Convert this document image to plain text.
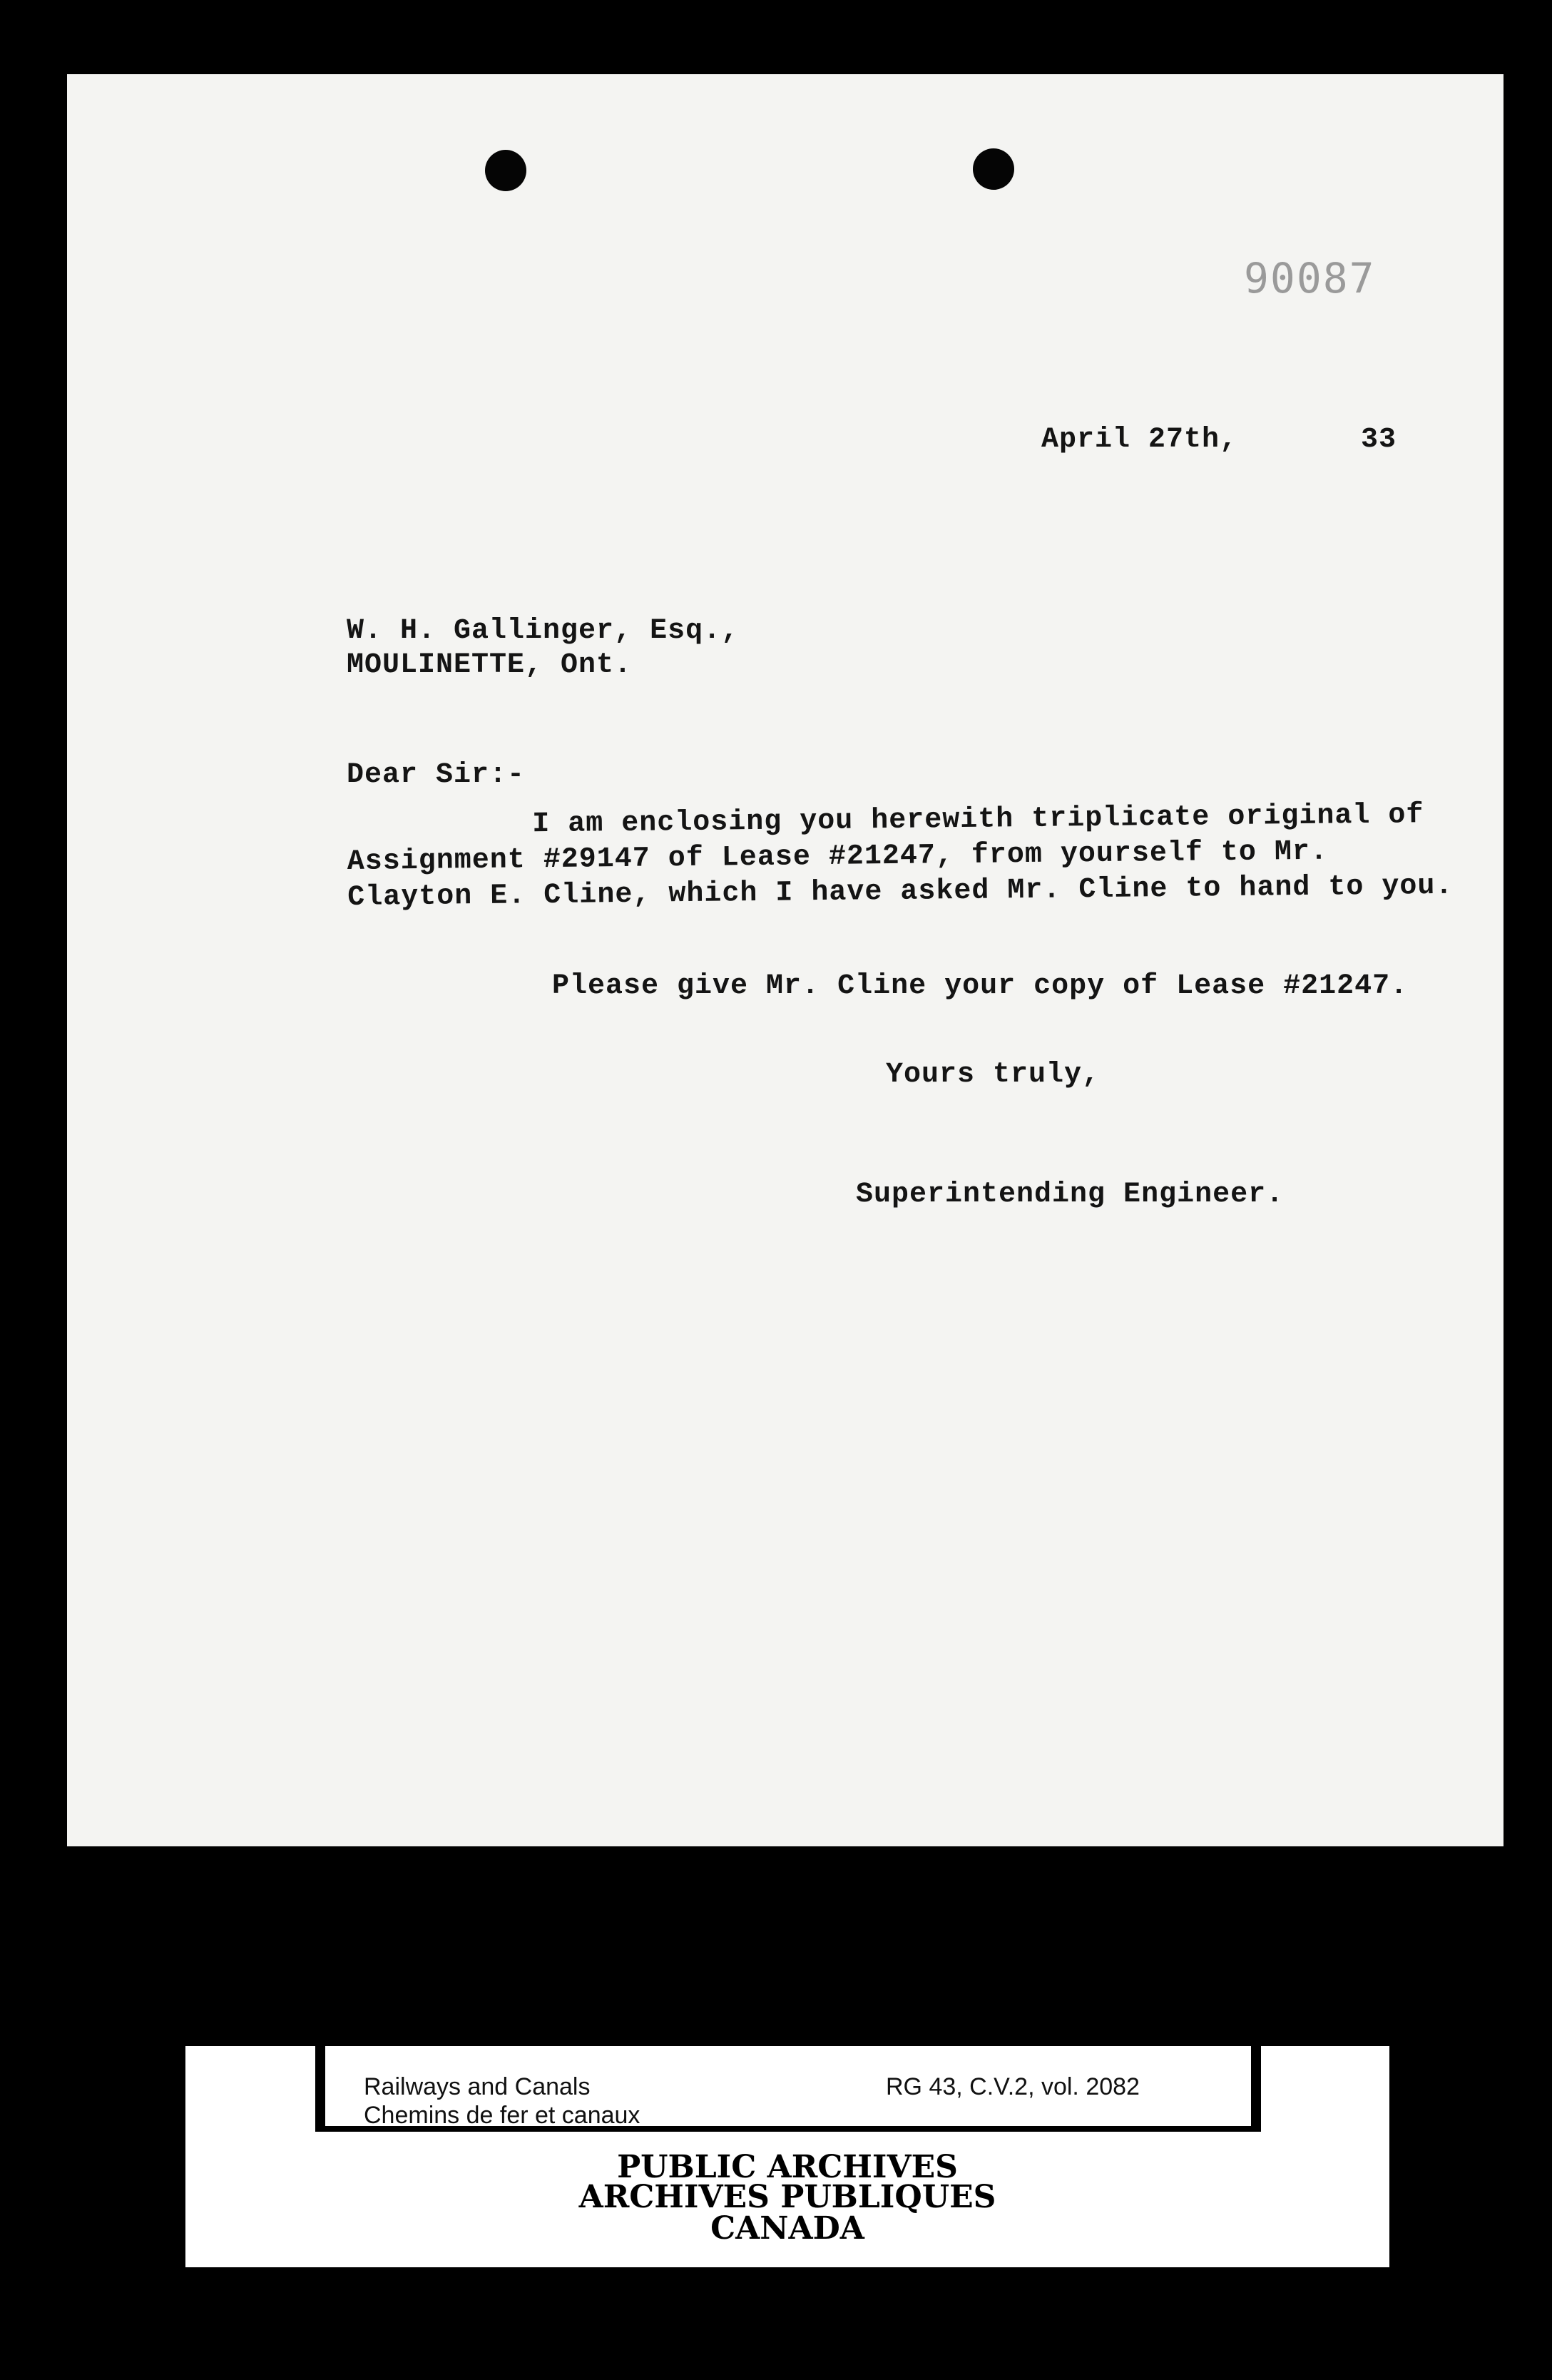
90087
April 27th,	33
W. H. Gallinger, Esq.,
MOULINETTE, Ont.
Dear Sir:-
I am enclosing you herewith triplicate original of Assignment #29147 of Lease #21247, from yourself to Mr. Clayton E. Cline, which I have asked Mr. Cline to hand to you.
Please give Mr. Cline your copy of Lease #21247.
Yours truly,
Superintending Engineer.
Railways and Canals
Chemins de fer et canaux
RG 43, C.V.2, vol. 2082
PUBLIC ARCHIVES
ARCHIVES PUBLIQUES
CANADA
